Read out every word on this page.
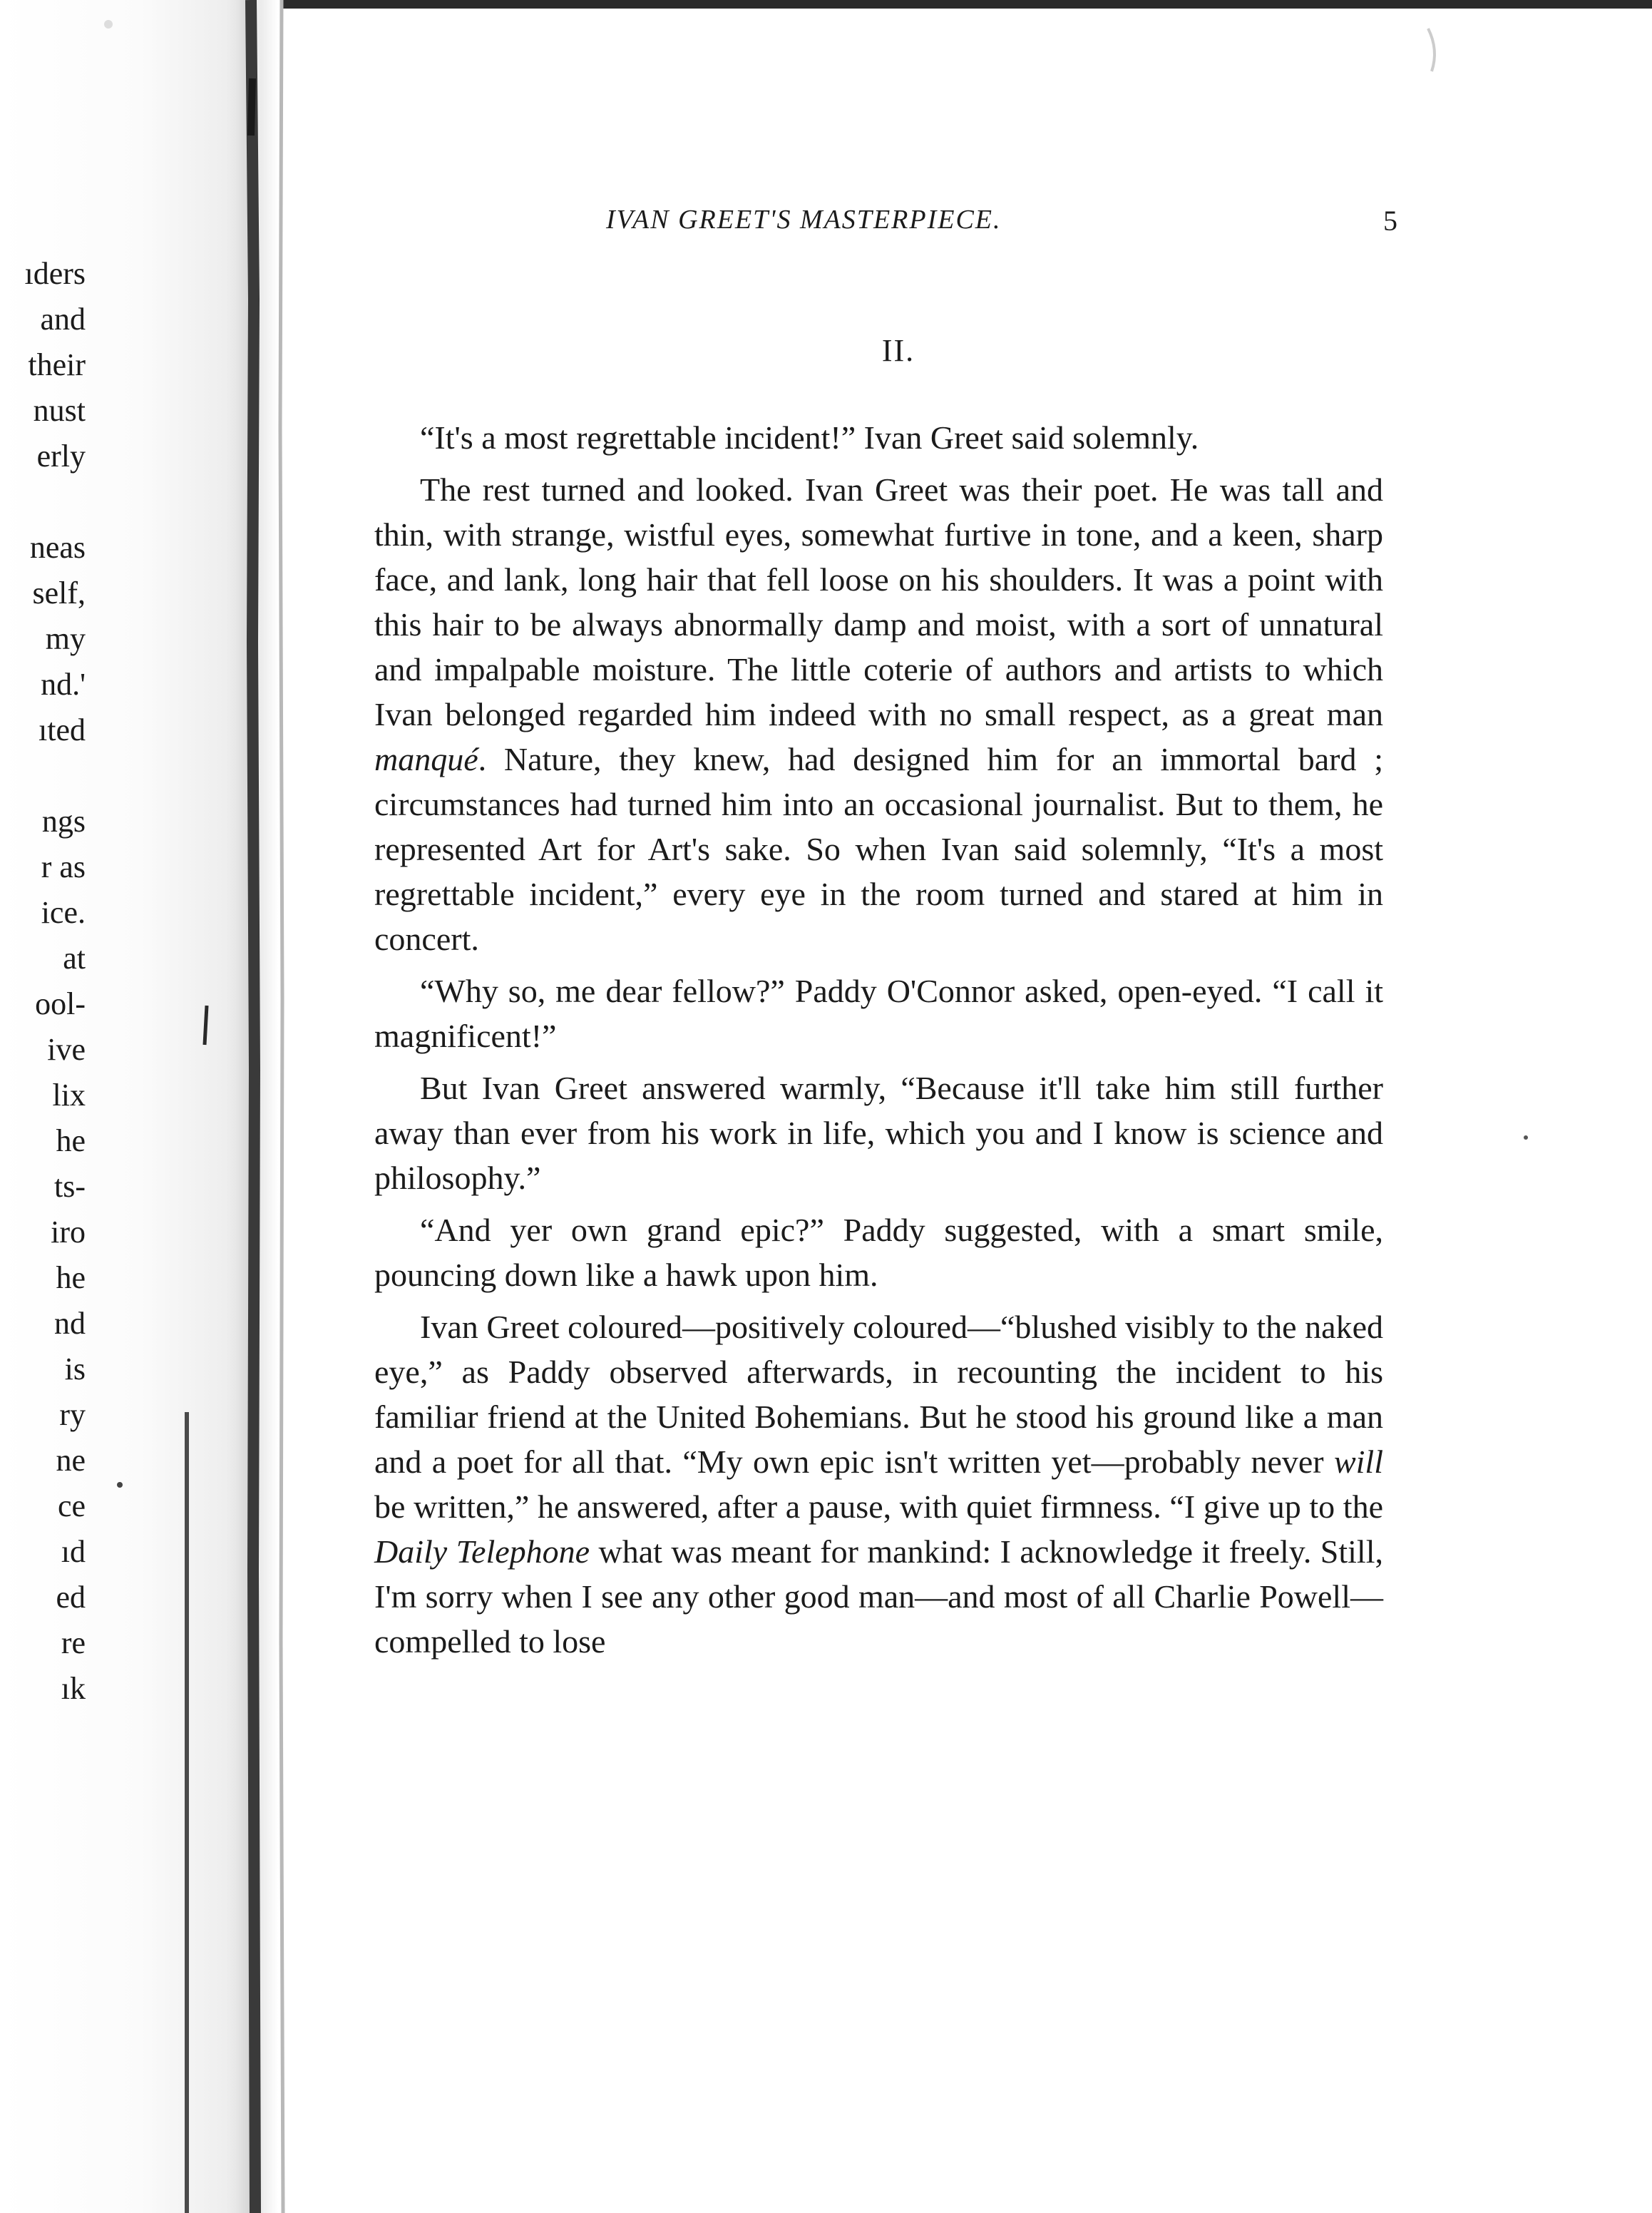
ıders
and
their
nust
erly
neas
self,
my
nd.'
ıted
ngs
r as
ice.
at
ool-
ive
lix
he
ts-
iro
he
nd
is
ry
ne
ce
ıd
ed
re
ık
IVAN GREET'S MASTERPIECE.	5
II.

“It's a most regrettable incident!” Ivan Greet said solemnly.

The rest turned and looked. Ivan Greet was their poet. He was tall and thin, with strange, wistful eyes, somewhat furtive in tone, and a keen, sharp face, and lank, long hair that fell loose on his shoulders. It was a point with this hair to be always abnormally damp and moist, with a sort of unnatural and impalpable moisture. The little coterie of authors and artists to which Ivan belonged regarded him indeed with no small respect, as a great man manqué. Nature, they knew, had designed him for an immortal bard ; circumstances had turned him into an occasional journalist. But to them, he represented Art for Art's sake. So when Ivan said solemnly, “It's a most regrettable incident,” every eye in the room turned and stared at him in concert.

“Why so, me dear fellow?” Paddy O'Connor asked, open-eyed. “I call it magnificent!”

But Ivan Greet answered warmly, “Because it'll take him still further away than ever from his work in life, which you and I know is science and philosophy.”

“And yer own grand epic?” Paddy suggested, with a smart smile, pouncing down like a hawk upon him.

Ivan Greet coloured—positively coloured—“blushed visibly to the naked eye,” as Paddy observed afterwards, in recounting the incident to his familiar friend at the United Bohemians. But he stood his ground like a man and a poet for all that. “My own epic isn't written yet—probably never will be written,” he answered, after a pause, with quiet firmness. “I give up to the Daily Telephone what was meant for mankind: I acknowledge it freely. Still, I'm sorry when I see any other good man—and most of all Charlie Powell—compelled to lose
